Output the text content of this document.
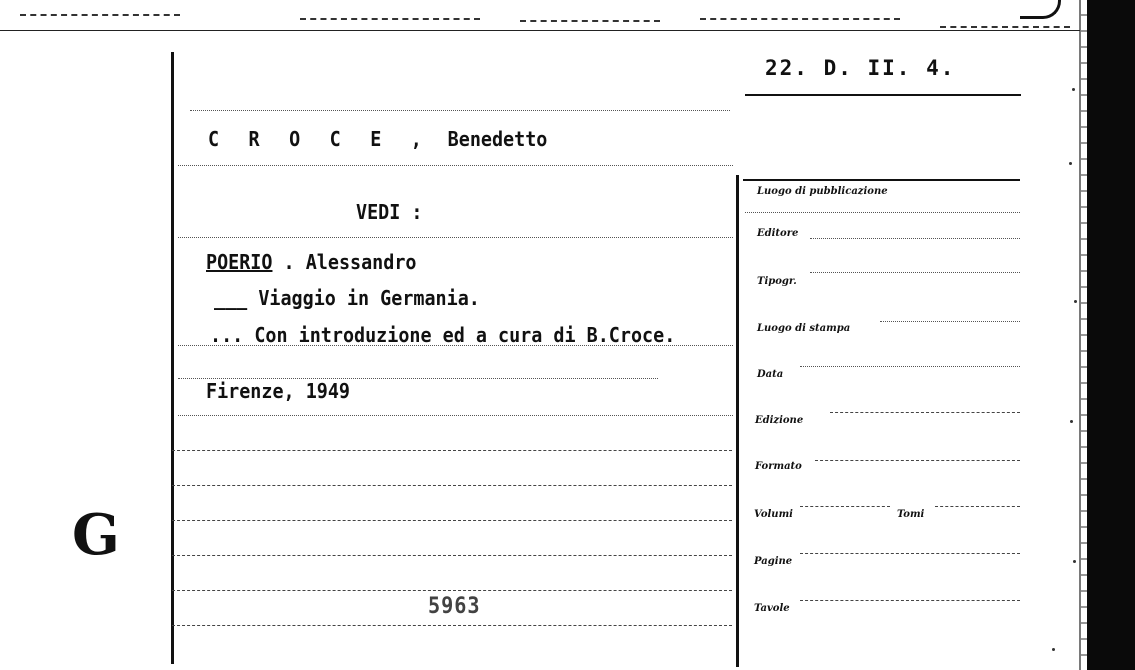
22. D. II. 4.
C R O C E , Benedetto
VEDI :
POERIO . Alessandro
___ Viaggio in Germania.
... Con introduzione ed a cura di B.Croce.
Firenze, 1949
Luogo di pubblicazione
Editore
Tipogr.
Luogo di stampa
Data
Edizione
Formato
Volumi	Tomi
Pagine
Tavole
G
5963
